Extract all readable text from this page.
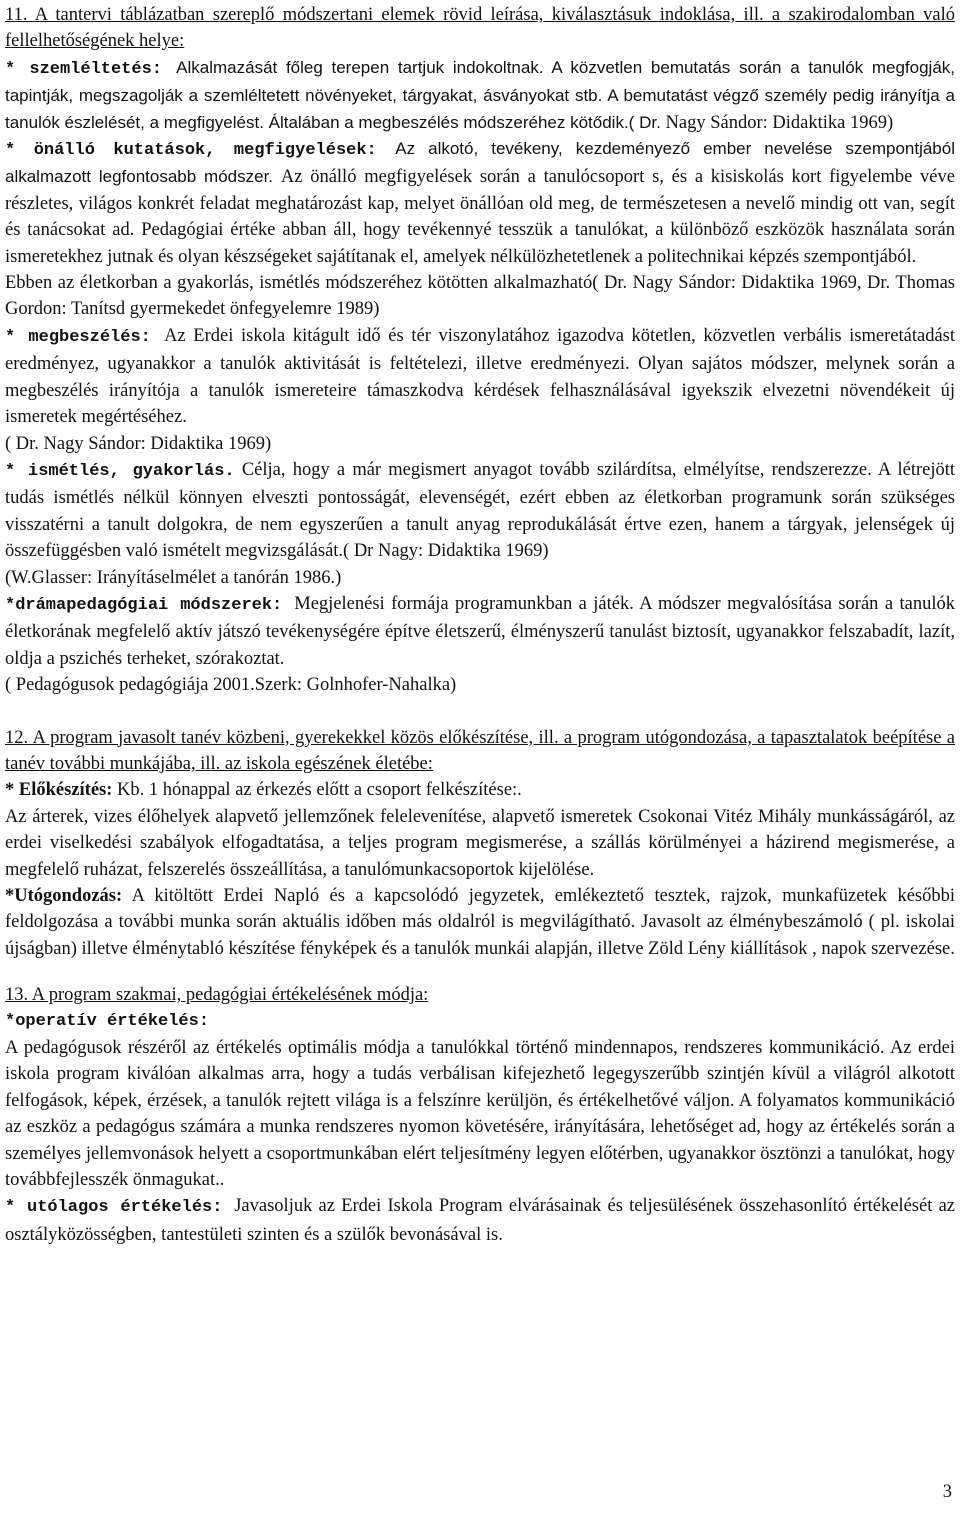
11. A tantervi táblázatban szereplő módszertani elemek rövid leírása, kiválasztásuk indoklása, ill. a szakirodalomban való fellelhetőségének helye:

* szemléltetés: Alkalmazását főleg terepen tartjuk indokoltnak. A közvetlen bemutatás során a tanulók megfogják, tapintják, megszagolják a szemléltetett növényeket, tárgyakat, ásványokat stb. A bemutatást végző személy pedig irányítja a tanulók észlelését, a megfigyelést. Általában a megbeszélés módszeréhez kötődik.( Dr. Nagy Sándor: Didaktika 1969)

* önálló kutatások, megfigyelések: Az alkotó, tevékeny, kezdeményező ember nevelése szempontjából alkalmazott legfontosabb módszer. Az önálló megfigyelések során a tanulócsoport s, és a kisiskolás kort figyelembe véve részletes, világos konkrét feladat meghatározást kap, melyet önállóan old meg, de természetesen a nevelő mindig ott van, segít és tanácsokat ad. Pedagógiai értéke abban áll, hogy tevékennyé tesszük a tanulókat, a különböző eszközök használata során ismeretekhez jutnak és olyan készségeket sajátítanak el, amelyek nélkülözhetetlenek a politechnikai képzés szempontjából.

Ebben az életkorban a gyakorlás, ismétlés módszeréhez kötötten alkalmazható( Dr. Nagy Sándor: Didaktika 1969, Dr. Thomas Gordon: Tanítsd gyermekedet önfegyelemre 1989)

* megbeszélés: Az Erdei iskola kitágult idő és tér viszonylatához igazodva kötetlen, közvetlen verbális ismeretátadást eredményez, ugyanakkor a tanulók aktivitását is feltételezi, illetve eredményezi. Olyan sajátos módszer, melynek során a megbeszélés irányítója a tanulók ismereteire támaszkodva kérdések felhasználásával igyekszik elvezetni növendékeit új ismeretek megértéséhez.

( Dr. Nagy Sándor: Didaktika 1969)

* ismétlés, gyakorlás. Célja, hogy a már megismert anyagot tovább szilárdítsa, elmélyítse, rendszerezze. A létrejött tudás ismétlés nélkül könnyen elveszti pontosságát, elevenségét, ezért ebben az életkorban programunk során szükséges visszatérni a tanult dolgokra, de nem egyszerűen a tanult anyag reprodukálását értve ezen, hanem a tárgyak, jelenségek új összefüggésben való ismételt megvizsgálását.( Dr Nagy: Didaktika 1969)

(W.Glasser: Irányításelmélet a tanórán 1986.)

*drámapedagógiai módszerek: Megjelenési formája programunkban a játék. A módszer megvalósítása során a tanulók életkorának megfelelő aktív játszó tevékenységére építve életszerű, élményszerű tanulást biztosít, ugyanakkor felszabadít, lazít, oldja a pszichés terheket, szórakoztat.

( Pedagógusok pedagógiája 2001.Szerk: Golnhofer-Nahalka)

12. A program javasolt tanév közbeni, gyerekekkel közös előkészítése, ill. a program utógondozása, a tapasztalatok beépítése a tanév további munkájába, ill. az iskola egészének életébe:

* Előkészítés: Kb. 1 hónappal az érkezés előtt a csoport felkészítése:.

Az árterek, vizes élőhelyek alapvető jellemzőnek felelevenítése, alapvető ismeretek Csokonai Vitéz Mihály munkásságáról, az erdei viselkedési szabályok elfogadtatása, a teljes program megismerése, a szállás körülményei a házirend megismerése, a megfelelő ruházat, felszerelés összeállítása, a tanulómunkacsoportok kijelölése.

*Utógondozás: A kitöltött Erdei Napló és a kapcsolódó jegyzetek, emlékeztető tesztek, rajzok, munkafüzetek későbbi feldolgozása a további munka során aktuális időben más oldalról is megvilágítható. Javasolt az élménybeszámoló ( pl. iskolai újságban) illetve élménytabló készítése fényképek és a tanulók munkái alapján, illetve Zöld Lény kiállítások , napok szervezése.

13. A program szakmai, pedagógiai értékelésének módja:

*operatív értékelés:

A pedagógusok részéről az értékelés optimális módja a tanulókkal történő mindennapos, rendszeres kommunikáció. Az erdei iskola program kiválóan alkalmas arra, hogy a tudás verbálisan kifejezhető legegyszerűbb szintjén kívül a világról alkotott felfogások, képek, érzések, a tanulók rejtett világa is a felszínre kerüljön, és értékelhetővé váljon. A folyamatos kommunikáció az eszköz a pedagógus számára a munka rendszeres nyomon követésére, irányítására, lehetőséget ad, hogy az értékelés során a személyes jellemvonások helyett a csoportmunkában elért teljesítmény legyen előtérben, ugyanakkor ösztönzi a tanulókat, hogy továbbfejlesszék önmagukat..

* utólagos értékelés: Javasoljuk az Erdei Iskola Program elvárásainak és teljesülésének összehasonlító értékelését az osztályközösségben, tantestületi szinten és a szülők bevonásával is.

3
